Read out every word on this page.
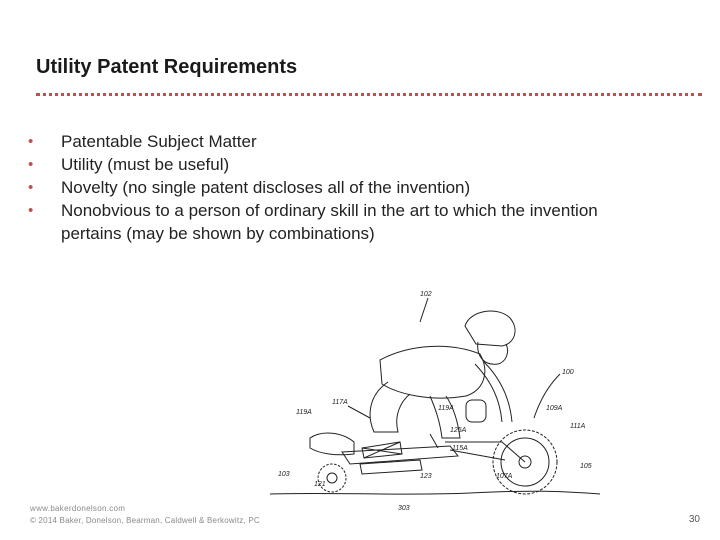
Utility Patent Requirements
• Patentable Subject Matter
• Utility (must be useful)
• Novelty (no single patent discloses all of the invention)
• Nonobvious to a person of ordinary skill in the art to which the invention pertains (may be shown by combinations)
102
100
117A
119A
119A
125A
115A
109A
111A
103
121
123	107A
105
303
www.bakerdonelson.com
© 2014 Baker, Donelson, Bearman, Caldwell & Berkowitz, PC	30
